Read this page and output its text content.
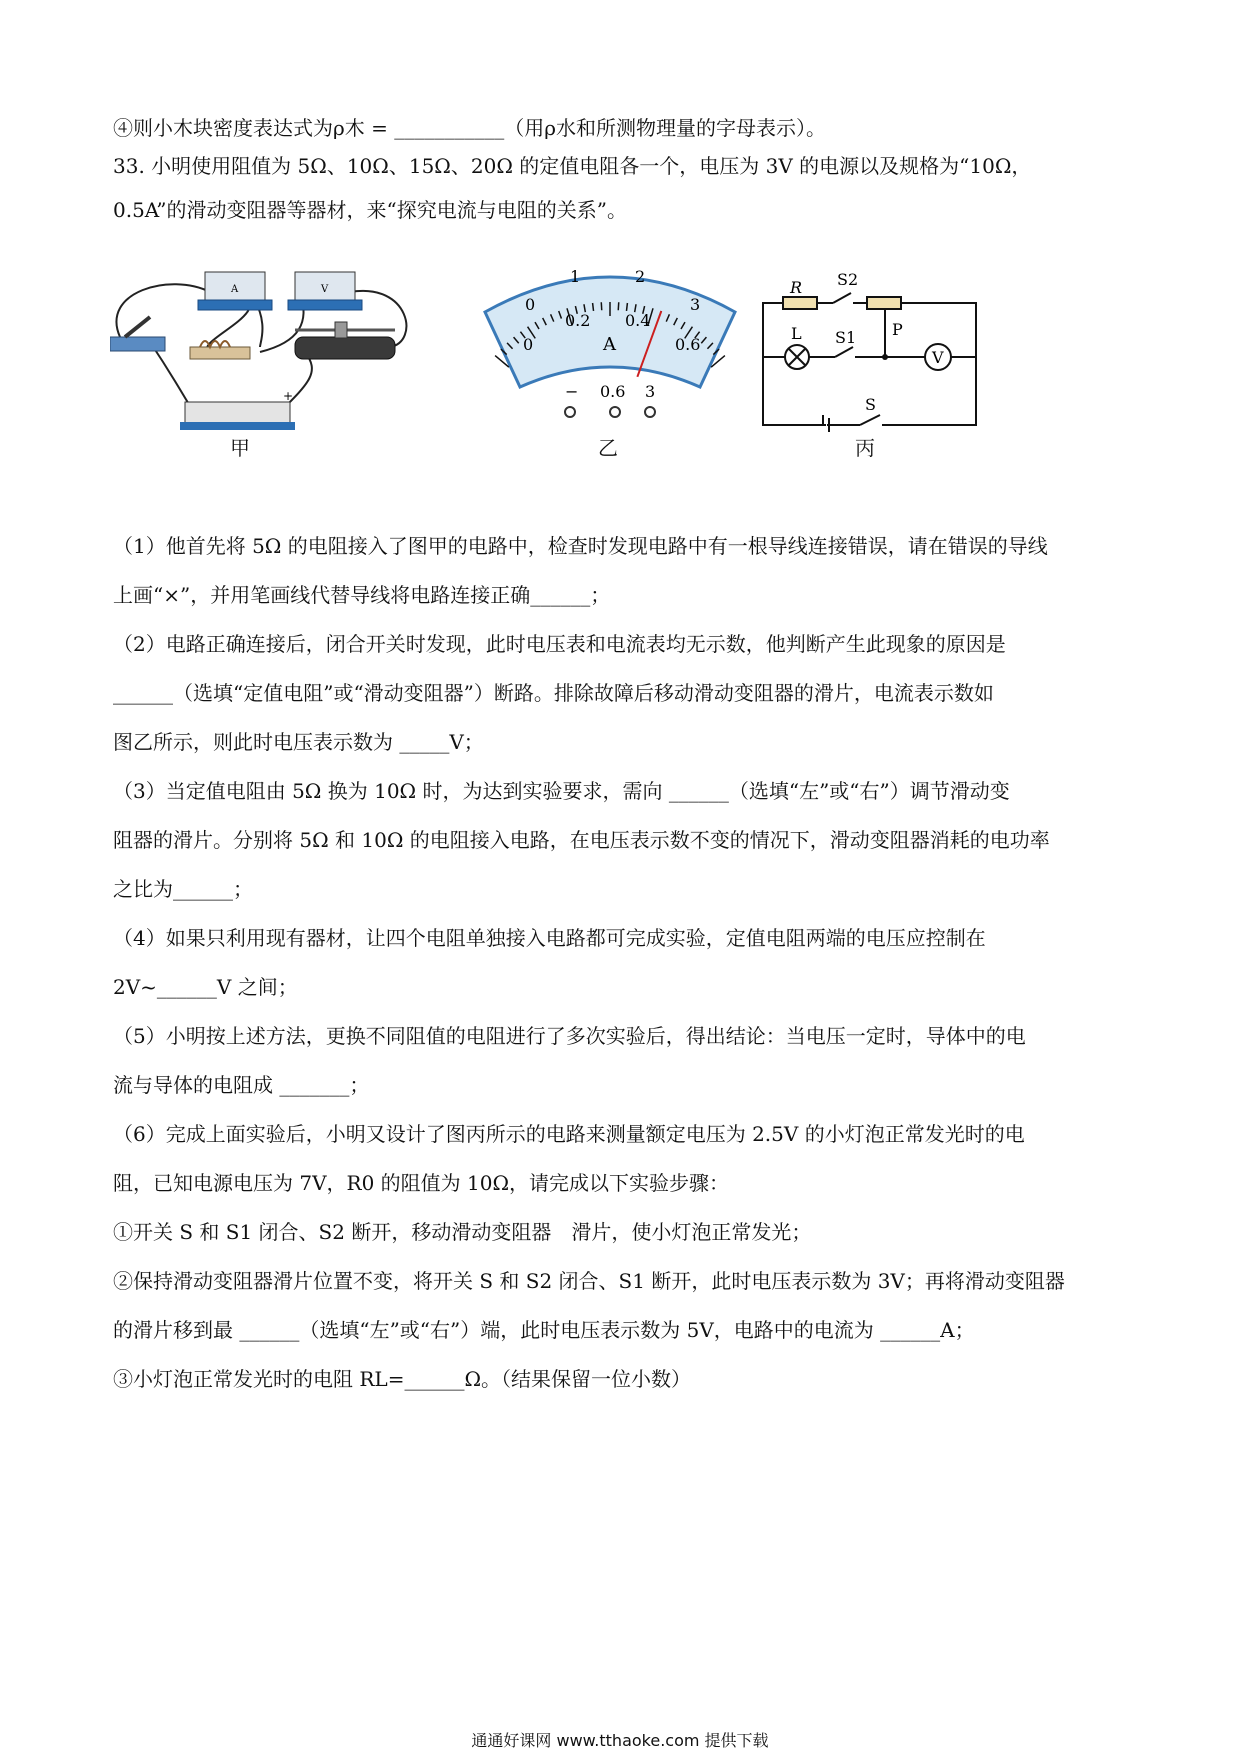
④则小木块密度表达式为ρ木 = ___________（用ρ水和所测物理量的字母表示）。
33. 小明使用阻值为 5Ω、10Ω、15Ω、20Ω 的定值电阻各一个，电压为 3V 的电源以及规格为“10Ω，
0.5A”的滑动变阻器等器材，来“探究电流与电阻的关系”。
A	V
+
甲
0
1	2
3
0
0.2 0.4
0.6
A
− 0.6 3
乙
R S2
P
L S1
V
S
丙
（1）他首先将 5Ω 的电阻接入了图甲的电路中，检查时发现电路中有一根导线连接错误，请在错误的导线
上画“×”，并用笔画线代替导线将电路连接正确______；
（2）电路正确连接后，闭合开关时发现，此时电压表和电流表均无示数，他判断产生此现象的原因是
______（选填“定值电阻”或“滑动变阻器”）断路。排除故障后移动滑动变阻器的滑片，电流表示数如
图乙所示，则此时电压表示数为 _____V；
（3）当定值电阻由 5Ω 换为 10Ω 时，为达到实验要求，需向 ______（选填“左”或“右”）调节滑动变
阻器的滑片。分别将 5Ω 和 10Ω 的电阻接入电路，在电压表示数不变的情况下，滑动变阻器消耗的电功率
之比为______；
（4）如果只利用现有器材，让四个电阻单独接入电路都可完成实验，定值电阻两端的电压应控制在
2V~______V 之间；
（5）小明按上述方法，更换不同阻值的电阻进行了多次实验后，得出结论：当电压一定时，导体中的电
流与导体的电阻成 _______；
（6）完成上面实验后，小明又设计了图丙所示的电路来测量额定电压为 2.5V 的小灯泡正常发光时的电
阻，已知电源电压为 7V，R0 的阻值为 10Ω，请完成以下实验步骤：
①开关 S 和 S1 闭合、S2 断开，移动滑动变阻器　滑片，使小灯泡正常发光；
②保持滑动变阻器滑片位置不变，将开关 S 和 S2 闭合、S1 断开，此时电压表示数为 3V；再将滑动变阻器
的滑片移到最 ______（选填“左”或“右”）端，此时电压表示数为 5V，电路中的电流为 ______A；
③小灯泡正常发光时的电阻 RL=______Ω。（结果保留一位小数）
通通好课网 www.tthaoke.com 提供下载
